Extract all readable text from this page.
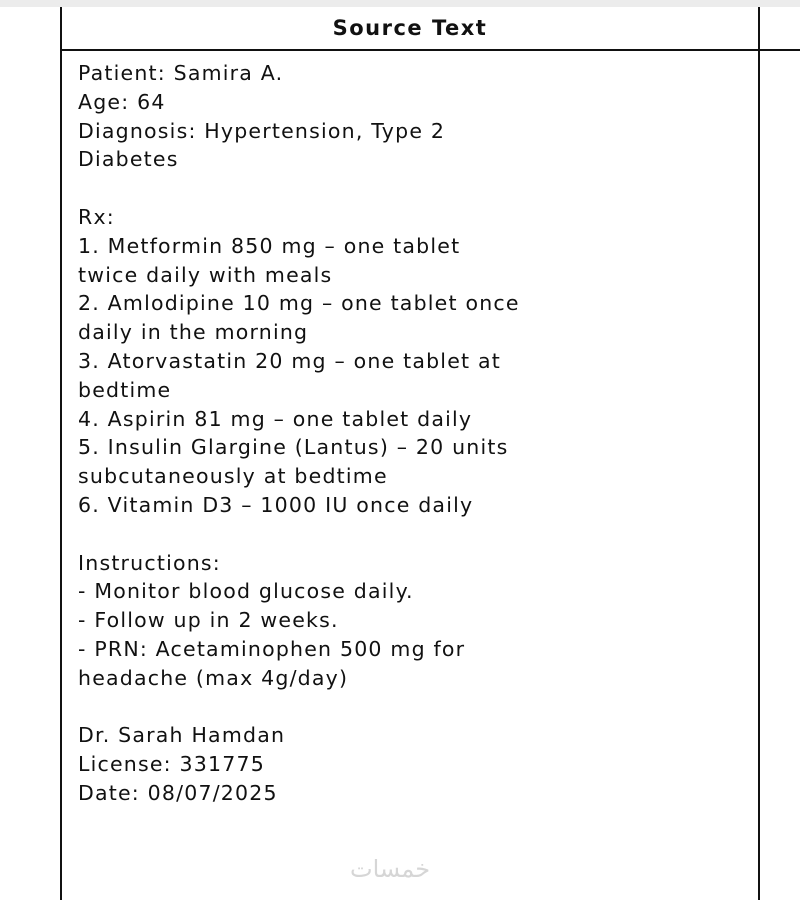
Source Text
Patient: Samira A.
Age: 64
Diagnosis: Hypertension, Type 2
Diabetes
Rx:
1. Metformin 850 mg – one tablet
twice daily with meals
2. Amlodipine 10 mg – one tablet once
daily in the morning
3. Atorvastatin 20 mg – one tablet at
bedtime
4. Aspirin 81 mg – one tablet daily
5. Insulin Glargine (Lantus) – 20 units
subcutaneously at bedtime
6. Vitamin D3 – 1000 IU once daily
Instructions:
- Monitor blood glucose daily.
- Follow up in 2 weeks.
- PRN: Acetaminophen 500 mg for
headache (max 4g/day)
Dr. Sarah Hamdan
License: 331775
Date: 08/07/2025
خمسات
